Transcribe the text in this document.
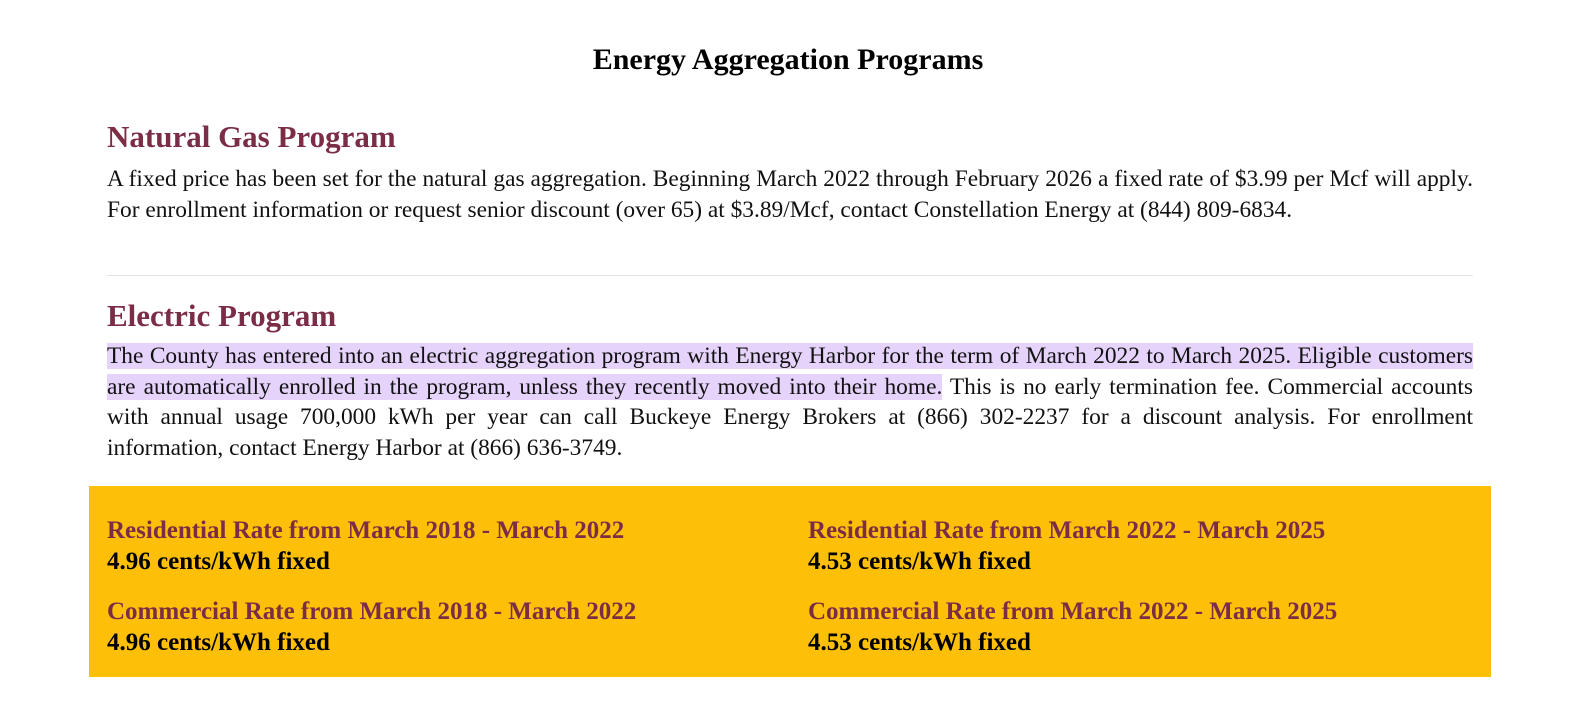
Energy Aggregation Programs
Natural Gas Program

A fixed price has been set for the natural gas aggregation. Beginning March 2022 through February 2026 a fixed rate of $3.99 per Mcf will apply. For enrollment information or request senior discount (over 65) at $3.89/Mcf, contact Constellation Energy at (844) 809-6834.

Electric Program

The County has entered into an electric aggregation program with Energy Harbor for the term of March 2022 to March 2025. Eligible customers are automatically enrolled in the program, unless they recently moved into their home. This is no early termination fee. Commercial accounts with annual usage 700,000 kWh per year can call Buckeye Energy Brokers at (866) 302-2237 for a discount analysis. For enrollment information, contact Energy Harbor at (866) 636-3749.

Residential Rate from March 2018 - March 2022
4.96 cents/kWh fixed
Residential Rate from March 2022 - March 2025
4.53 cents/kWh fixed
Commercial Rate from March 2018 - March 2022
4.96 cents/kWh fixed
Commercial Rate from March 2022 - March 2025
4.53 cents/kWh fixed
